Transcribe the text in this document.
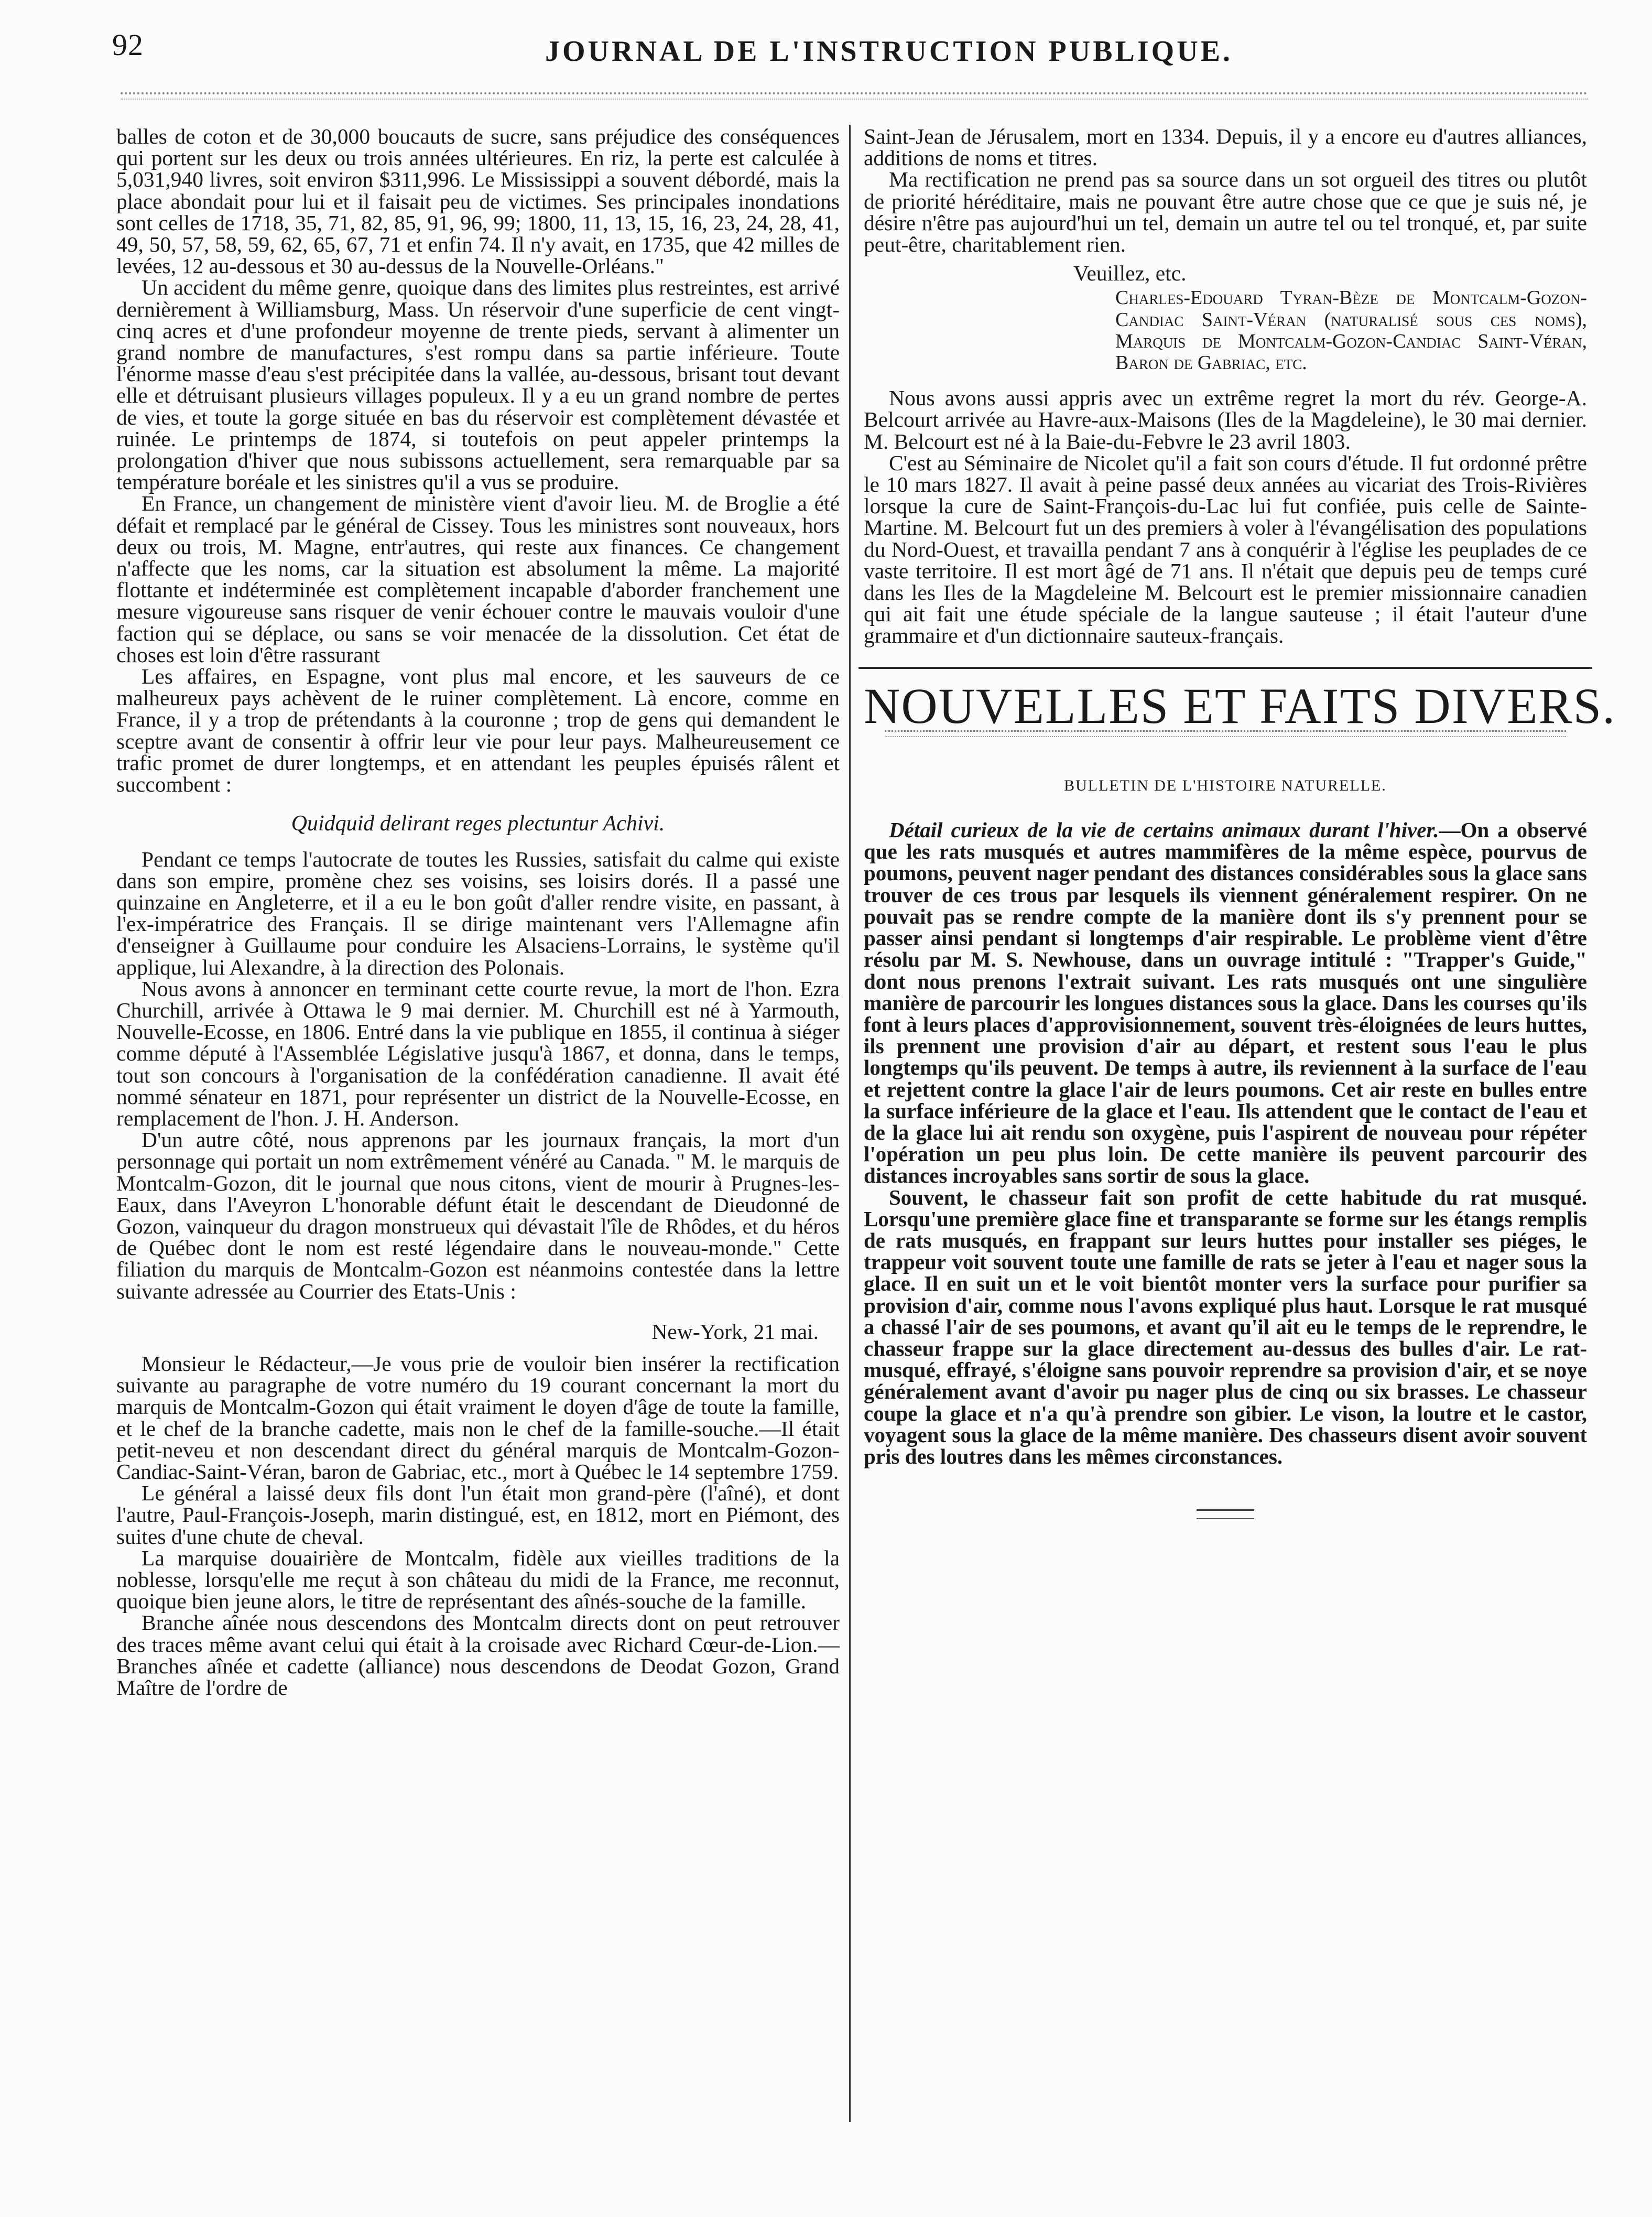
92	JOURNAL DE L'INSTRUCTION PUBLIQUE.

balles de coton et de 30,000 boucauts de sucre, sans préjudice des conséquences qui portent sur les deux ou trois années ultérieures. En riz, la perte est calculée à 5,031,940 livres, soit environ $311,996. Le Mississippi a souvent débordé, mais la place abondait pour lui et il faisait peu de victimes. Ses principales inondations sont celles de 1718, 35, 71, 82, 85, 91, 96, 99; 1800, 11, 13, 15, 16, 23, 24, 28, 41, 49, 50, 57, 58, 59, 62, 65, 67, 71 et enfin 74. Il n'y avait, en 1735, que 42 milles de levées, 12 au-dessous et 30 au-dessus de la Nouvelle-Orléans."

Un accident du même genre, quoique dans des limites plus restreintes, est arrivé dernièrement à Williamsburg, Mass. Un réservoir d'une superficie de cent vingt-cinq acres et d'une profondeur moyenne de trente pieds, servant à alimenter un grand nombre de manufactures, s'est rompu dans sa partie inférieure. Toute l'énorme masse d'eau s'est précipitée dans la vallée, au-dessous, brisant tout devant elle et détruisant plusieurs villages populeux. Il y a eu un grand nombre de pertes de vies, et toute la gorge située en bas du réservoir est complètement dévastée et ruinée. Le printemps de 1874, si toutefois on peut appeler printemps la prolongation d'hiver que nous subissons actuellement, sera remarquable par sa température boréale et les sinistres qu'il a vus se produire.

En France, un changement de ministère vient d'avoir lieu. M. de Broglie a été défait et remplacé par le général de Cissey. Tous les ministres sont nouveaux, hors deux ou trois, M. Magne, entr'autres, qui reste aux finances. Ce changement n'affecte que les noms, car la situation est absolument la même. La majorité flottante et indéterminée est complètement incapable d'aborder franchement une mesure vigoureuse sans risquer de venir échouer contre le mauvais vouloir d'une faction qui se déplace, ou sans se voir menacée de la dissolution. Cet état de choses est loin d'être rassurant

Les affaires, en Espagne, vont plus mal encore, et les sauveurs de ce malheureux pays achèvent de le ruiner complètement. Là encore, comme en France, il y a trop de prétendants à la couronne ; trop de gens qui demandent le sceptre avant de consentir à offrir leur vie pour leur pays. Malheureusement ce trafic promet de durer longtemps, et en attendant les peuples épuisés râlent et succombent :

Quidquid delirant reges plectuntur Achivi.

Pendant ce temps l'autocrate de toutes les Russies, satisfait du calme qui existe dans son empire, promène chez ses voisins, ses loisirs dorés. Il a passé une quinzaine en Angleterre, et il a eu le bon goût d'aller rendre visite, en passant, à l'ex-impératrice des Français. Il se dirige maintenant vers l'Allemagne afin d'enseigner à Guillaume pour conduire les Alsaciens-Lorrains, le système qu'il applique, lui Alexandre, à la direction des Polonais.

Nous avons à annoncer en terminant cette courte revue, la mort de l'hon. Ezra Churchill, arrivée à Ottawa le 9 mai dernier. M. Churchill est né à Yarmouth, Nouvelle-Ecosse, en 1806. Entré dans la vie publique en 1855, il continua à siéger comme député à l'Assemblée Législative jusqu'à 1867, et donna, dans le temps, tout son concours à l'organisation de la confédération canadienne. Il avait été nommé sénateur en 1871, pour représenter un district de la Nouvelle-Ecosse, en remplacement de l'hon. J. H. Anderson.

D'un autre côté, nous apprenons par les journaux français, la mort d'un personnage qui portait un nom extrêmement vénéré au Canada. " M. le marquis de Montcalm-Gozon, dit le journal que nous citons, vient de mourir à Prugnes-les-Eaux, dans l'Aveyron L'honorable défunt était le descendant de Dieudonné de Gozon, vainqueur du dragon monstrueux qui dévastait l'île de Rhôdes, et du héros de Québec dont le nom est resté légendaire dans le nouveau-monde." Cette filiation du marquis de Montcalm-Gozon est néanmoins contestée dans la lettre suivante adressée au Courrier des Etats-Unis :

New-York, 21 mai.

Monsieur le Rédacteur,—Je vous prie de vouloir bien insérer la rectification suivante au paragraphe de votre numéro du 19 courant concernant la mort du marquis de Montcalm-Gozon qui était vraiment le doyen d'âge de toute la famille, et le chef de la branche cadette, mais non le chef de la famille-souche.—Il était petit-neveu et non descendant direct du général marquis de Montcalm-Gozon-Candiac-Saint-Véran, baron de Gabriac, etc., mort à Québec le 14 septembre 1759.

Le général a laissé deux fils dont l'un était mon grand-père (l'aîné), et dont l'autre, Paul-François-Joseph, marin distingué, est, en 1812, mort en Piémont, des suites d'une chute de cheval.

La marquise douairière de Montcalm, fidèle aux vieilles traditions de la noblesse, lorsqu'elle me reçut à son château du midi de la France, me reconnut, quoique bien jeune alors, le titre de représentant des aînés-souche de la famille.

Branche aînée nous descendons des Montcalm directs dont on peut retrouver des traces même avant celui qui était à la croisade avec Richard Cœur-de-Lion.—Branches aînée et cadette (alliance) nous descendons de Deodat Gozon, Grand Maître de l'ordre de

Saint-Jean de Jérusalem, mort en 1334. Depuis, il y a encore eu d'autres alliances, additions de noms et titres.

Ma rectification ne prend pas sa source dans un sot orgueil des titres ou plutôt de priorité héréditaire, mais ne pouvant être autre chose que ce que je suis né, je désire n'être pas aujourd'hui un tel, demain un autre tel ou tel tronqué, et, par suite peut-être, charitablement rien.

Veuillez, etc.

Charles-Edouard Tyran-Bèze de Montcalm-Gozon-Candiac Saint-Véran (naturalisé sous ces noms), Marquis de Montcalm-Gozon-Candiac Saint-Véran, Baron de Gabriac, etc.

Nous avons aussi appris avec un extrême regret la mort du rév. George-A. Belcourt arrivée au Havre-aux-Maisons (Iles de la Magdeleine), le 30 mai dernier. M. Belcourt est né à la Baie-du-Febvre le 23 avril 1803.

C'est au Séminaire de Nicolet qu'il a fait son cours d'étude. Il fut ordonné prêtre le 10 mars 1827. Il avait à peine passé deux années au vicariat des Trois-Rivières lorsque la cure de Saint-François-du-Lac lui fut confiée, puis celle de Sainte-Martine. M. Belcourt fut un des premiers à voler à l'évangélisation des populations du Nord-Ouest, et travailla pendant 7 ans à conquérir à l'église les peuplades de ce vaste territoire. Il est mort âgé de 71 ans. Il n'était que depuis peu de temps curé dans les Iles de la Magdeleine M. Belcourt est le premier missionnaire canadien qui ait fait une étude spéciale de la langue sauteuse ; il était l'auteur d'une grammaire et d'un dictionnaire sauteux-français.

NOUVELLES ET FAITS DIVERS.
BULLETIN DE L'HISTOIRE NATURELLE.

Détail curieux de la vie de certains animaux durant l'hiver.—On a observé que les rats musqués et autres mammifères de la même espèce, pourvus de poumons, peuvent nager pendant des distances considérables sous la glace sans trouver de ces trous par lesquels ils viennent généralement respirer. On ne pouvait pas se rendre compte de la manière dont ils s'y prennent pour se passer ainsi pendant si longtemps d'air respirable. Le problème vient d'être résolu par M. S. Newhouse, dans un ouvrage intitulé : "Trapper's Guide," dont nous prenons l'extrait suivant. Les rats musqués ont une singulière manière de parcourir les longues distances sous la glace. Dans les courses qu'ils font à leurs places d'approvisionnement, souvent très-éloignées de leurs huttes, ils prennent une provision d'air au départ, et restent sous l'eau le plus longtemps qu'ils peuvent. De temps à autre, ils reviennent à la surface de l'eau et rejettent contre la glace l'air de leurs poumons. Cet air reste en bulles entre la surface inférieure de la glace et l'eau. Ils attendent que le contact de l'eau et de la glace lui ait rendu son oxygène, puis l'aspirent de nouveau pour répéter l'opération un peu plus loin. De cette manière ils peuvent parcourir des distances incroyables sans sortir de sous la glace.

Souvent, le chasseur fait son profit de cette habitude du rat musqué. Lorsqu'une première glace fine et transparante se forme sur les étangs remplis de rats musqués, en frappant sur leurs huttes pour installer ses piéges, le trappeur voit souvent toute une famille de rats se jeter à l'eau et nager sous la glace. Il en suit un et le voit bientôt monter vers la surface pour purifier sa provision d'air, comme nous l'avons expliqué plus haut. Lorsque le rat musqué a chassé l'air de ses poumons, et avant qu'il ait eu le temps de le reprendre, le chasseur frappe sur la glace directement au-dessus des bulles d'air. Le rat-musqué, effrayé, s'éloigne sans pouvoir reprendre sa provision d'air, et se noye généralement avant d'avoir pu nager plus de cinq ou six brasses. Le chasseur coupe la glace et n'a qu'à prendre son gibier. Le vison, la loutre et le castor, voyagent sous la glace de la même manière. Des chasseurs disent avoir souvent pris des loutres dans les mêmes circonstances.
